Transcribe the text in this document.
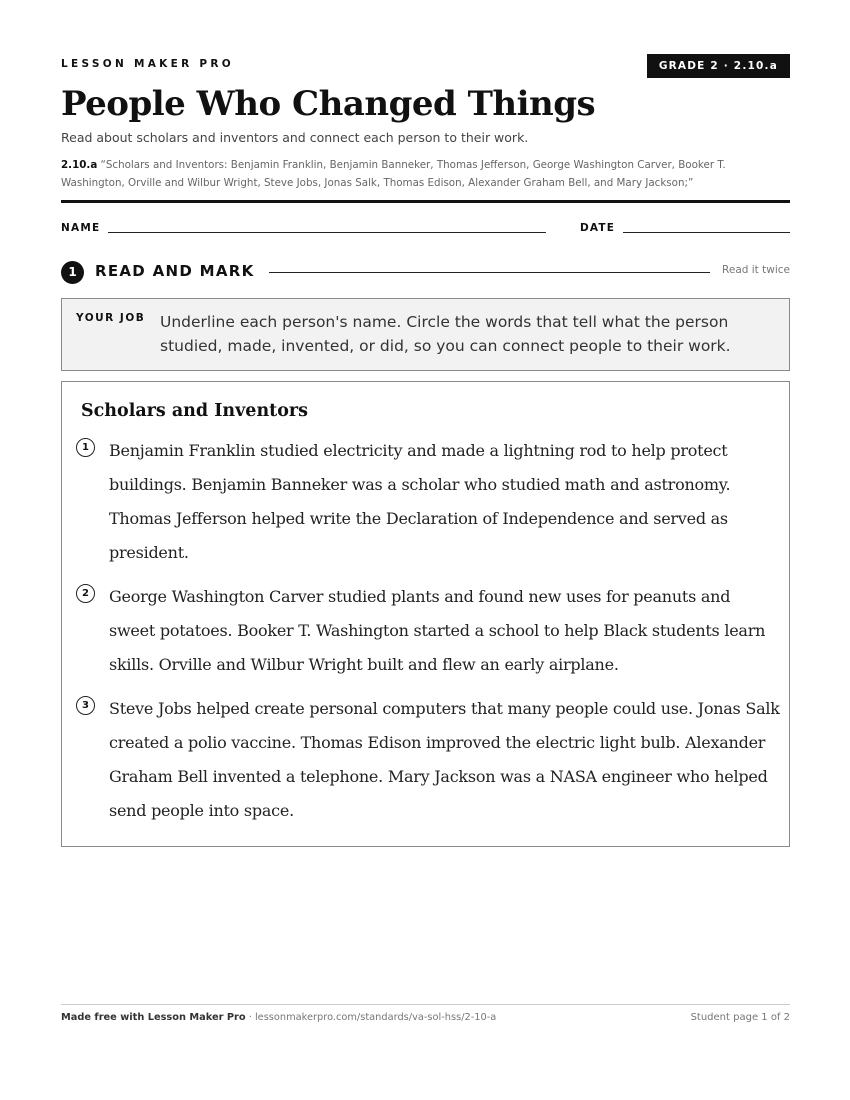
LESSON MAKER PRO	GRADE 2 · 2.10.a
People Who Changed Things
Read about scholars and inventors and connect each person to their work.
2.10.a “Scholars and Inventors: Benjamin Franklin, Benjamin Banneker, Thomas Jefferson, George Washington Carver, Booker T. Washington, Orville and Wilbur Wright, Steve Jobs, Jonas Salk, Thomas Edison, Alexander Graham Bell, and Mary Jackson;”
NAME	DATE
1	READ AND MARK	Read it twice
YOUR JOB Underline each person's name. Circle the words that tell what the person studied, made, invented, or did, so you can connect people to their work.
Scholars and Inventors
1	Benjamin Franklin studied electricity and made a lightning rod to help protect buildings. Benjamin Banneker was a scholar who studied math and astronomy. Thomas Jefferson helped write the Declaration of Independence and served as president.
2	George Washington Carver studied plants and found new uses for peanuts and sweet potatoes. Booker T. Washington started a school to help Black students learn skills. Orville and Wilbur Wright built and flew an early airplane.
3	Steve Jobs helped create personal computers that many people could use. Jonas Salk created a polio vaccine. Thomas Edison improved the electric light bulb. Alexander Graham Bell invented a telephone. Mary Jackson was a NASA engineer who helped send people into space.
Made free with Lesson Maker Pro · lessonmakerpro.com/standards/va-sol-hss/2-10-a	Student page 1 of 2
